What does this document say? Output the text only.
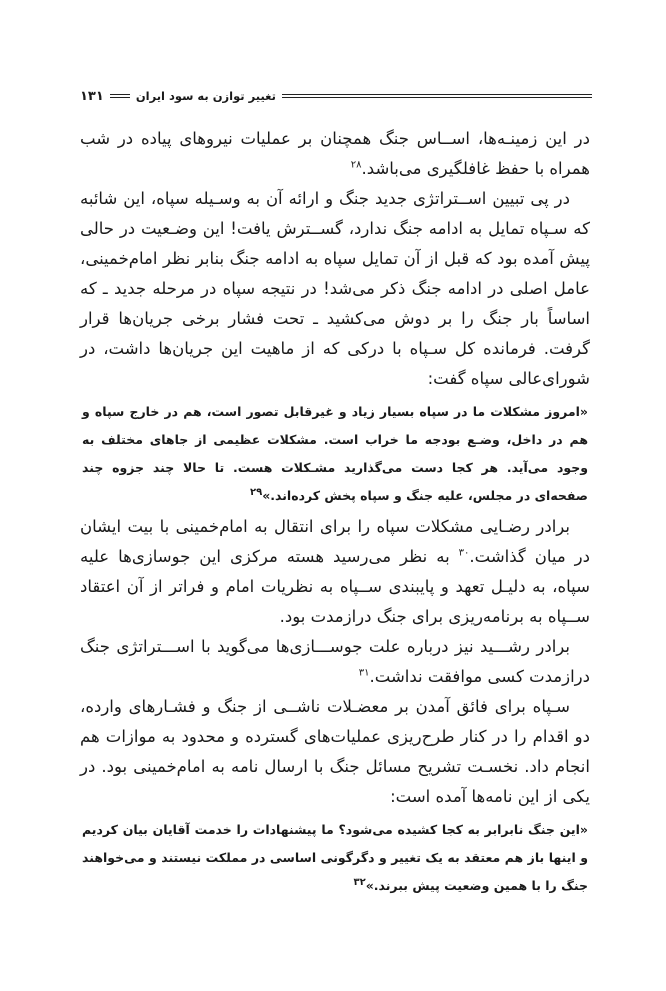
۱۳۱	تغییر توازن به سود ایران

در این زمینـه‌ها، اســاس جنگ همچنان بر عملیات نیروهای پیاده در شب همراه با حفظ غافلگیری می‌باشد.$^{۲۸}$

در پی تبیین اســتراتژی جدید جنگ و ارائه آن به وسـیله سپاه، این شائبه که سـپاه تمایل به ادامه جنگ ندارد، گســترش یافت! این وضـعیت در حالی پیش آمده بود که قبل از آن تمایل سپاه به ادامه جنگ بنابر نظر امام‌خمینی، عامل اصلی در ادامه جنگ ذکر می‌شد! در نتیجه سپاه در مرحله جدید ـ که اساساً بار جنگ را بر دوش می‌کشید ـ تحت فشار برخی جریان‌ها قرار گرفت. فرمانده کل سـپاه با درکی که از ماهیت این جریان‌ها داشت، در شورای‌عالی سپاه گفت:

«امروز مشکلات ما در سپاه بسیار زیاد و غیرقابل تصور است، هم در خارج سپاه و هم در داخل، وضـع بودجه ما خراب است. مشکلات عظیمی از جاهای مختلف به وجود می‌آید. هر کجا دست می‌گذارید مشـکلات هست. تا حالا چند جزوه چند صفحه‌ای در مجلس، علیه جنگ و سپاه پخش کرده‌اند.»$^{۲۹}$

برادر رضـایی مشکلات سپاه را برای انتقال به امام‌خمینی با بیت ایشان در میان گذاشت.$^{۳۰}$ به نظر می‌رسید هسته مرکزی این جوسازی‌ها علیه سپاه، به دلیـل تعهد و پایبندی ســپاه به نظریات امام و فراتر از آن اعتقاد ســپاه به برنامه‌ریزی برای جنگ درازمدت بود.

برادر رشـــید نیز درباره علت جوســـازی‌ها می‌گوید با اســـتراتژی جنگ درازمدت کسی موافقت نداشت.$^{۳۱}$

سـپاه برای فائق آمدن بر معضـلات ناشــی از جنگ و فشـارهای وارده، دو اقدام را در کنار طرح‌ریزی عملیات‌های گسترده و محدود به موازات هم انجام داد. نخسـت تشریح مسائل جنگ با ارسال نامه به امام‌خمینی بود. در یکی از این نامه‌ها آمده است:

«این جنگ نابرابر به کجا کشیده می‌شود؟ ما پیشنهادات را خدمت آقایان بیان کردیم و اینها باز هم معتقد به یک تغییر و دگرگونی اساسی در مملکت نیستند و می‌خواهند جنگ را با همین وضعیت پیش ببرند.»$^{۳۲}$
